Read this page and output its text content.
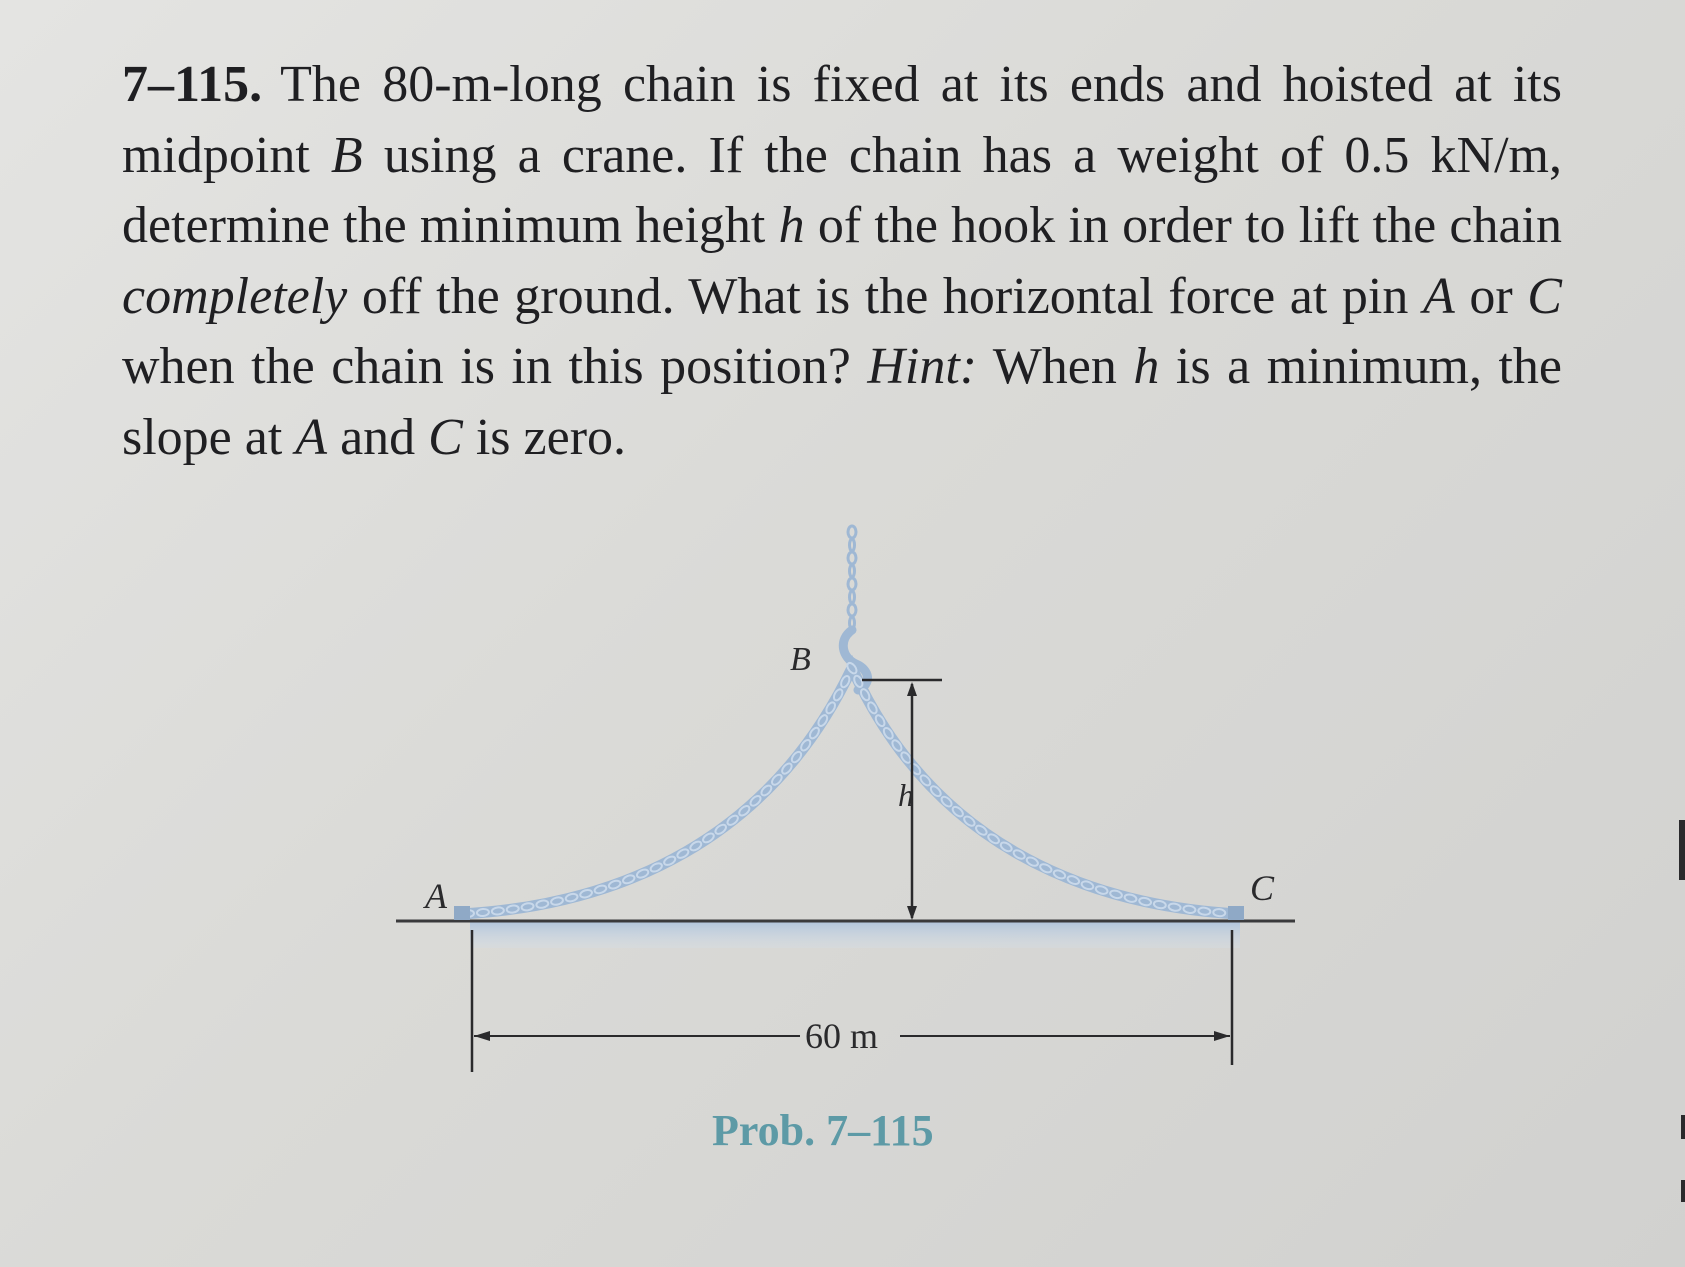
7–115. The 80-m-long chain is fixed at its ends and hoisted at its midpoint B using a crane. If the chain has a weight of 0.5 kN/m, determine the minimum height h of the hook in order to lift the chain completely off the ground. What is the horizontal force at pin A or C when the chain is in this position? Hint: When h is a minimum, the slope at A and C is zero.
A
B
C
h
60 m
Prob. 7–115
